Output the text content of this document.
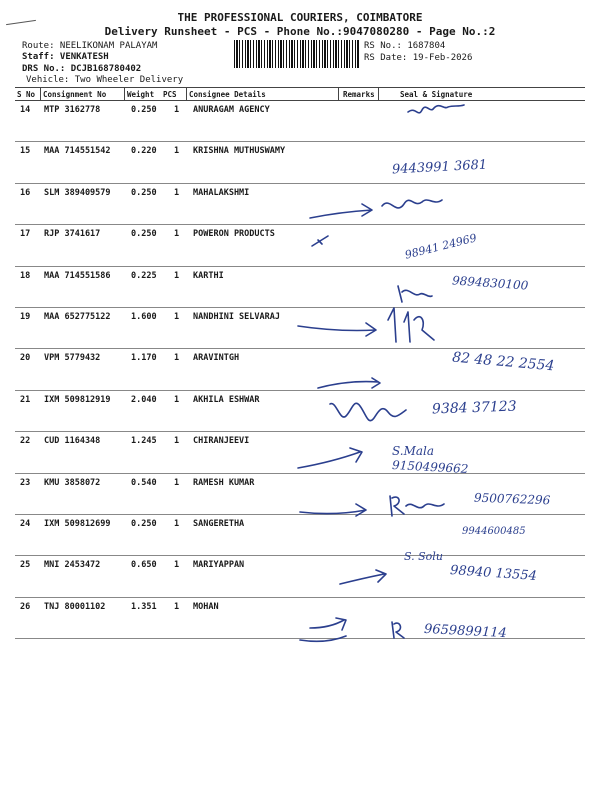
THE PROFESSIONAL COURIERS, COIMBATORE
Delivery Runsheet - PCS - Phone No.:9047080280 - Page No.:2
Route: NEELIKONAM PALAYAM
Staff: VENKATESH
DRS No.: DCJB168780402
Vehicle: Two Wheeler Delivery
RS No.: 1687804
RS Date: 19-Feb-2026
S No Consignment No	Weight PCS Consignee Details	Remarks	Seal & Signature
14 MTP 3162778	0.250 1 ANURAGAM AGENCY
15 MAA 714551542 0.220 1 KRISHNA MUTHUSWAMY
16 SLM 389409579 0.250 1 MAHALAKSHMI
17 RJP 3741617	0.250 1 POWERON PRODUCTS
18 MAA 714551586 0.225 1 KARTHI
19 MAA 652775122 1.600 1 NANDHINI SELVARAJ
20 VPM 5779432	1.170 1 ARAVINTGH
21 IXM 509812919 2.040 1 AKHILA ESHWAR
22 CUD 1164348	1.245 1 CHIRANJEEVI
23 KMU 3858072	0.540 1 RAMESH KUMAR
24 IXM 509812699 0.250 1 SANGERETHA
25 MNI 2453472	0.650 1 MARIYAPPAN
26 TNJ 80001102	1.351 1 MOHAN
9443991 3681
98941 24969
9894830100
82 48 22 2554
9384 37123
S.Mala
9150499662
9500762296
9944600485
S. Solu
98940 13554
9659899114
